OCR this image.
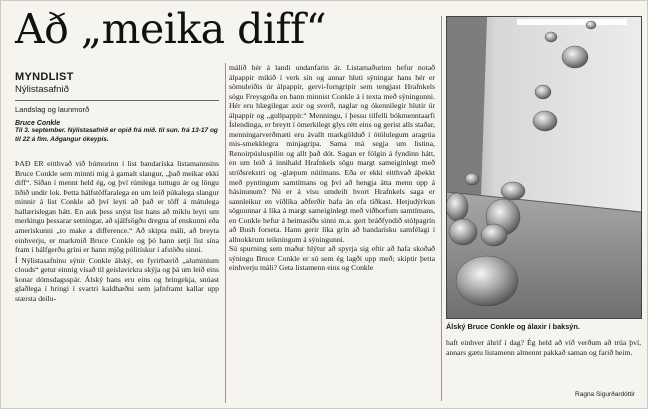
Að „meika diff“
MYNDLIST
Nýlistasafnið
Landslag og launmorð
Bruce Conkle
Til 3. september. Nýlistasafnið er opið frá mið. til sun. frá 13-17 og til 22 á fim. Aðgangur ókeypis.
ÞAÐ ER eitthvað við húmorinn í list bandaríska listamannsins Bruce Conkle sem minnti mig á gamalt slangur, „það meikar ekki diff“. Síðan í mennt held ég, og því rúmlega tuttugu ár og löngu liðið undir lok. Þetta hálfstöffaralega en um leið púkalega slangur minnir á list Conkle að því leyti að það er töff á mátulega hallærislegan hátt. En auk þess snýst list hans að miklu leyti um merkingu þessarar setningar, að sjálfsögðu dregna af enskunni eða amerískunni „to make a difference.“ Að skipta máli, að breyta einhverju, er markmið Bruce Conkle og þó hann setji list sína fram í hálfgerðu gríni er hann mjög pólitískur í afstöðu sinni.
Í Nýlistasafninu sýnir Conkle álský, en fyrirbærið „aluminium clouds“ getur einnig vísað til geislavirkra skýja og þá um leið eins konar dómsdagsspár. Álský hans eru eins og hringekja, snúast glaðlega í hringi í svartri kaldhæðni sem jafnframt kallar upp stærsta deilu-
málið hér á landi undanfarin ár. Listamaðurinn hefur notað álpappír mikið í verk sín og annar hluti sýningar hans hér er sömuleiðis úr álpappír, gervi-forngripir sem tengjast Hrafnkels sögu Freysgoða en hann minnist Conkle á í texta með sýningunni. Hér eru hlægilegar axir og sverð, naglar og ókennilegir hlutir úr álpappír og „gullpappír.“ Menningu, í þessu tilfelli bókmenntaarfi Íslendinga, er breytt í ómerkilegt glys rétt eins og gerist alls staðar, menningarverðmæti eru ávallt markgölduð í ótölulegum aragrúa mis-smekklegra minjagripa. Sama má segja um listina, Renoirpúsluspilin og allt það dót. Sagan er fólgin á fyndinn hátt, en um leið á innihald Hrafnkels sögu margt sameiginlegt með stríðsrekstri og -glæpum nútímans. Eða er ekki eitthvað áþekkt með pyntingum samtímans og því að hengja átta menn upp á hásinunum? Nú er á vísu umdeilt hvort Hrafnkels saga er sannleikur en víðlíka aðferðir hafa án efa tíðkast. Hetjudýrkun söguunnar á líka á margt sameiginlegt með viðhorfum samtímans, en Conkle hefur á heimasíðu sinni m.a. gert bráðfyndið stólpagrín að Bush forseta. Hann gerir líka grín að bandarísku samfélagi í allnokkrum teikningum á sýningunni.
Sú spurning sem maður hlýtur að spyrja sig eftir að hafa skoðað sýningu Bruce Conkle er sú sem ég lagði upp með; skiptir þetta einhverju máli? Geta listamenn eins og Conkle
Álský Bruce Conkle og álaxir í baksýn.
haft einhver áhrif í dag? Ég held að við verðum að trúa því, annars gætu listamenn almennt pakkað saman og farið heim.
Ragna Sigurðardóttir
